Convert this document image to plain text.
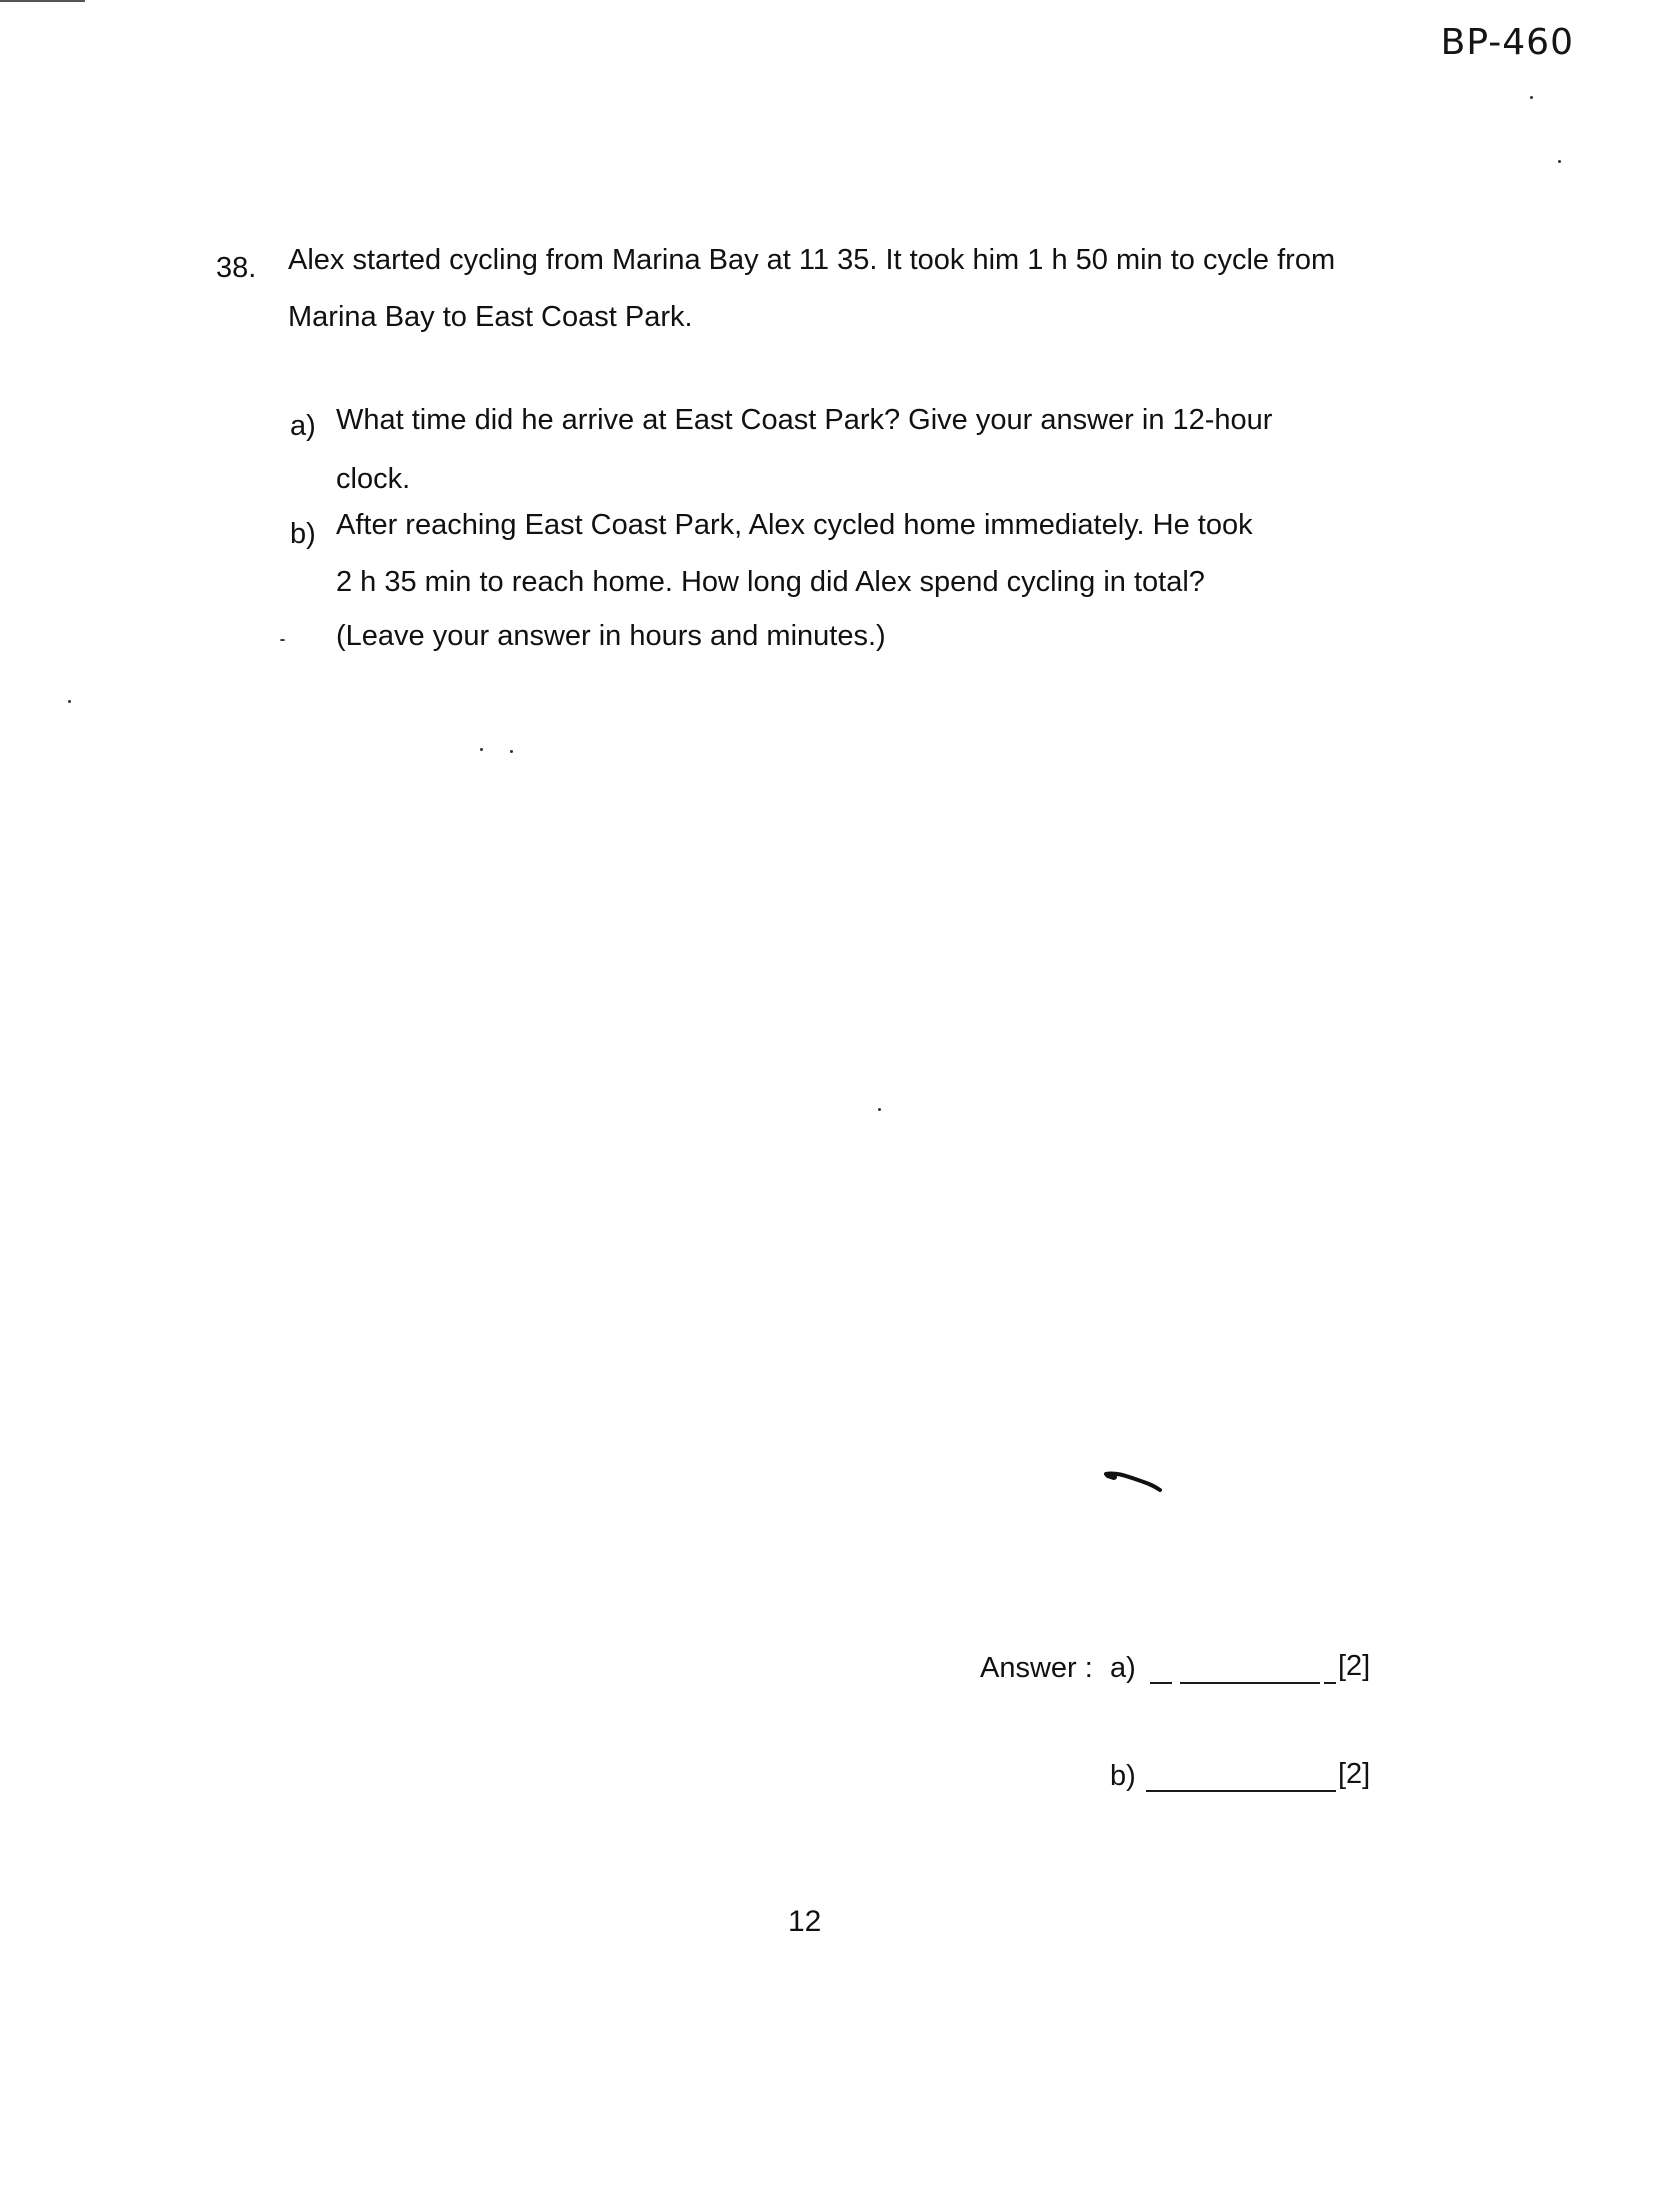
BP-460
38. Alex started cycling from Marina Bay at 11 35. It took him 1 h 50 min to cycle from
Marina Bay to East Coast Park.
a) What time did he arrive at East Coast Park? Give your answer in 12-hour
clock.
b) After reaching East Coast Park, Alex cycled home immediately. He took
2 h 35 min to reach home. How long did Alex spend cycling in total?
(Leave your answer in hours and minutes.)
Answer : a)	[2]
b)	[2]
12
